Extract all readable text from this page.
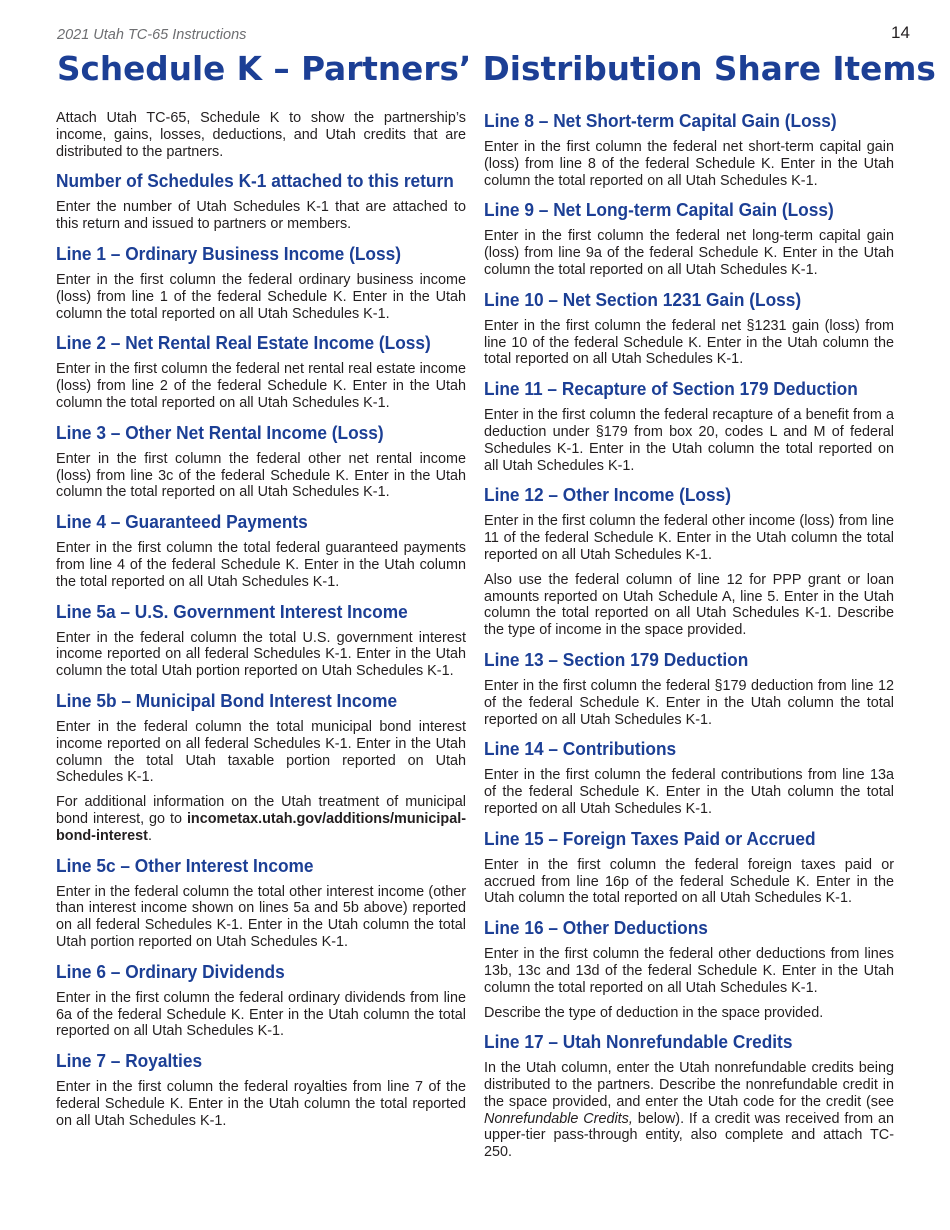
2021 Utah TC-65 Instructions	14
Schedule K – Partners’ Distribution Share Items

Attach Utah TC-65, Schedule K to show the partnership’s income, gains, losses, deductions, and Utah credits that are distributed to the partners.

Number of Schedules K-1 attached to this return

Enter the number of Utah Schedules K-1 that are attached to this return and issued to partners or members.

Line 1 – Ordinary Business Income (Loss)

Enter in the first column the federal ordinary business income (loss) from line 1 of the federal Schedule K. Enter in the Utah column the total reported on all Utah Schedules K-1.

Line 2 – Net Rental Real Estate Income (Loss)

Enter in the first column the federal net rental real estate income (loss) from line 2 of the federal Schedule K. Enter in the Utah column the total reported on all Utah Schedules K-1.

Line 3 – Other Net Rental Income (Loss)

Enter in the first column the federal other net rental income (loss) from line 3c of the federal Schedule K. Enter in the Utah column the total reported on all Utah Schedules K-1.

Line 4 – Guaranteed Payments

Enter in the first column the total federal guaranteed payments from line 4 of the federal Schedule K. Enter in the Utah column the total reported on all Utah Schedules K-1.

Line 5a – U.S. Government Interest Income

Enter in the federal column the total U.S. government interest income reported on all federal Schedules K-1. Enter in the Utah column the total Utah portion reported on Utah Schedules K-1.

Line 5b – Municipal Bond Interest Income

Enter in the federal column the total municipal bond interest income reported on all federal Schedules K-1. Enter in the Utah column the total Utah taxable portion reported on Utah Schedules K-1.

For additional information on the Utah treatment of municipal bond interest, go to incometax.utah.gov/additions/municipal-bond-interest.

Line 5c – Other Interest Income

Enter in the federal column the total other interest income (other than interest income shown on lines 5a and 5b above) reported on all federal Schedules K-1. Enter in the Utah column the total Utah portion reported on Utah Schedules K-1.

Line 6 – Ordinary Dividends

Enter in the first column the federal ordinary dividends from line 6a of the federal Schedule K. Enter in the Utah column the total reported on all Utah Schedules K-1.

Line 7 – Royalties

Enter in the first column the federal royalties from line 7 of the federal Schedule K. Enter in the Utah column the total reported on all Utah Schedules K-1.

Line 8 – Net Short-term Capital Gain (Loss)

Enter in the first column the federal net short-term capital gain (loss) from line 8 of the federal Schedule K. Enter in the Utah column the total reported on all Utah Schedules K-1.

Line 9 – Net Long-term Capital Gain (Loss)

Enter in the first column the federal net long-term capital gain (loss) from line 9a of the federal Schedule K. Enter in the Utah column the total reported on all Utah Schedules K-1.

Line 10 – Net Section 1231 Gain (Loss)

Enter in the first column the federal net §1231 gain (loss) from line 10 of the federal Schedule K. Enter in the Utah column the total reported on all Utah Schedules K-1.

Line 11 – Recapture of Section 179 Deduction

Enter in the first column the federal recapture of a benefit from a deduction under §179 from box 20, codes L and M of federal Schedules K-1. Enter in the Utah column the total reported on all Utah Schedules K-1.

Line 12 – Other Income (Loss)

Enter in the first column the federal other income (loss) from line 11 of the federal Schedule K. Enter in the Utah column the total reported on all Utah Schedules K-1.

Also use the federal column of line 12 for PPP grant or loan amounts reported on Utah Schedule A, line 5. Enter in the Utah column the total reported on all Utah Schedules K-1. Describe the type of income in the space provided.

Line 13 – Section 179 Deduction

Enter in the first column the federal §179 deduction from line 12 of the federal Schedule K. Enter in the Utah column the total reported on all Utah Schedules K-1.

Line 14 – Contributions

Enter in the first column the federal contributions from line 13a of the federal Schedule K. Enter in the Utah column the total reported on all Utah Schedules K-1.

Line 15 – Foreign Taxes Paid or Accrued

Enter in the first column the federal foreign taxes paid or accrued from line 16p of the federal Schedule K. Enter in the Utah column the total reported on all Utah Schedules K-1.

Line 16 – Other Deductions

Enter in the first column the federal other deductions from lines 13b, 13c and 13d of the federal Schedule K. Enter in the Utah column the total reported on all Utah Schedules K-1.

Describe the type of deduction in the space provided.

Line 17 – Utah Nonrefundable Credits

In the Utah column, enter the Utah nonrefundable credits being distributed to the partners. Describe the nonrefundable credit in the space provided, and enter the Utah code for the credit (see Nonrefundable Credits, below). If a credit was received from an upper-tier pass-through entity, also complete and attach TC-250.
